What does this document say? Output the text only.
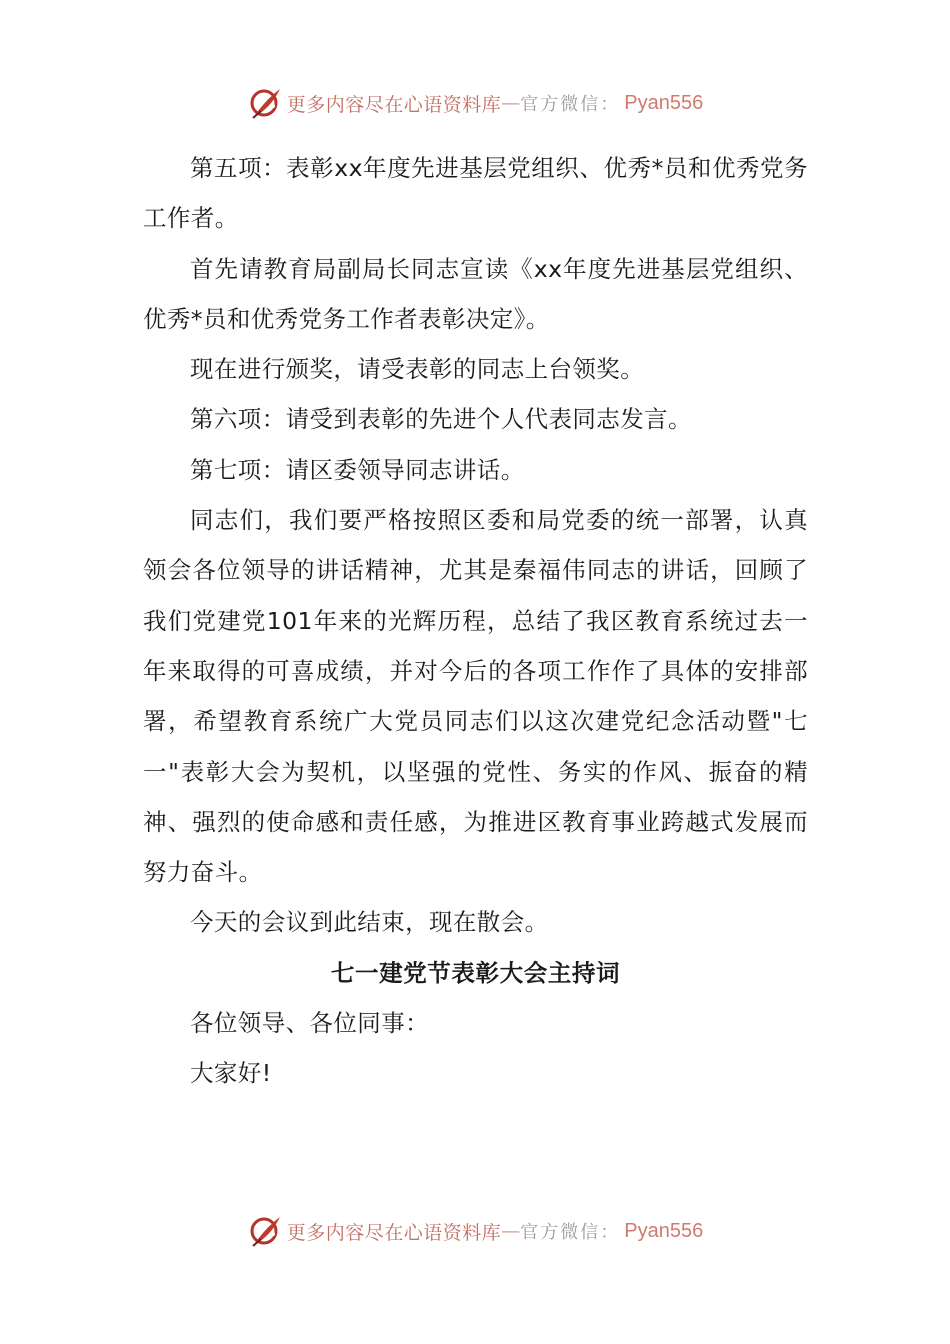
更多内容尽在心语资料库 — 官方微信： Pyan556

第五项：表彰xx年度先进基层党组织、优秀*员和优秀党务工作者。

首先请教育局副局长同志宣读《xx年度先进基层党组织、优秀*员和优秀党务工作者表彰决定》。

现在进行颁奖，请受表彰的同志上台领奖。

第六项：请受到表彰的先进个人代表同志发言。

第七项：请区委领导同志讲话。

同志们，我们要严格按照区委和局党委的统一部署，认真领会各位领导的讲话精神，尤其是秦福伟同志的讲话，回顾了我们党建党101年来的光辉历程，总结了我区教育系统过去一年来取得的可喜成绩，并对今后的各项工作作了具体的安排部署，希望教育系统广大党员同志们以这次建党纪念活动暨"七一"表彰大会为契机，以坚强的党性、务实的作风、振奋的精神、强烈的使命感和责任感，为推进区教育事业跨越式发展而努力奋斗。

今天的会议到此结束，现在散会。

七一建党节表彰大会主持词

各位领导、各位同事：

大家好!

更多内容尽在心语资料库 — 官方微信： Pyan556
